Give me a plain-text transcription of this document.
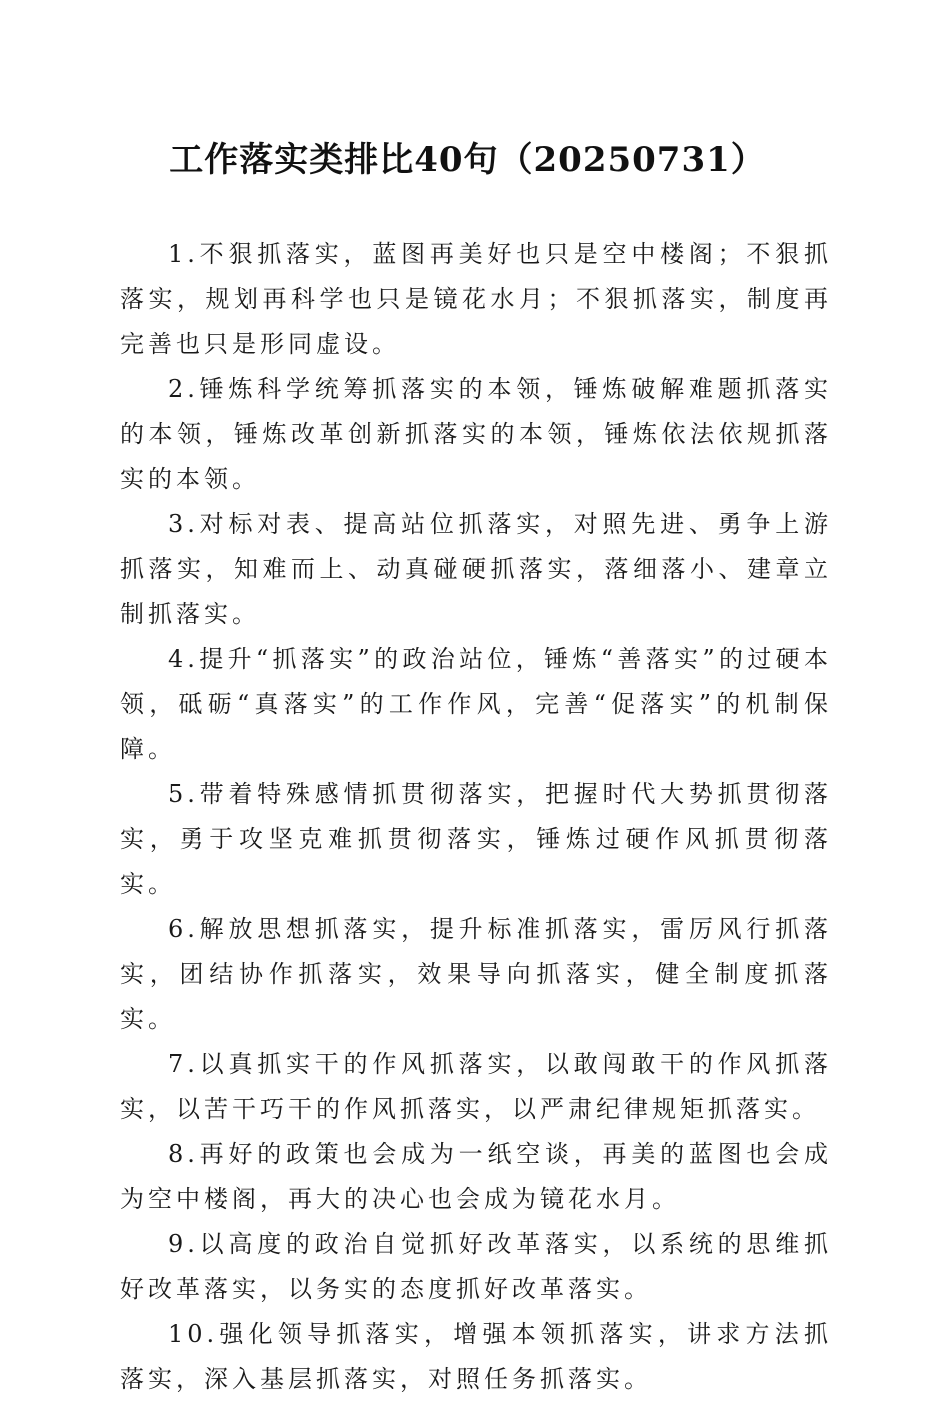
工作落实类排比40句（20250731）

1.不狠抓落实，蓝图再美好也只是空中楼阁；不狠抓落实，规划再科学也只是镜花水月；不狠抓落实，制度再完善也只是形同虚设。

2.锤炼科学统筹抓落实的本领，锤炼破解难题抓落实的本领，锤炼改革创新抓落实的本领，锤炼依法依规抓落实的本领。

3.对标对表、提高站位抓落实，对照先进、勇争上游抓落实，知难而上、动真碰硬抓落实，落细落小、建章立制抓落实。

4.提升“抓落实”的政治站位，锤炼“善落实”的过硬本领，砥砺“真落实”的工作作风，完善“促落实”的机制保障。

5.带着特殊感情抓贯彻落实，把握时代大势抓贯彻落实，勇于攻坚克难抓贯彻落实，锤炼过硬作风抓贯彻落实。

6.解放思想抓落实，提升标准抓落实，雷厉风行抓落实，团结协作抓落实，效果导向抓落实，健全制度抓落实。

7.以真抓实干的作风抓落实，以敢闯敢干的作风抓落实，以苦干巧干的作风抓落实，以严肃纪律规矩抓落实。

8.再好的政策也会成为一纸空谈，再美的蓝图也会成为空中楼阁，再大的决心也会成为镜花水月。

9.以高度的政治自觉抓好改革落实，以系统的思维抓好改革落实，以务实的态度抓好改革落实。

10.强化领导抓落实，增强本领抓落实，讲求方法抓落实，深入基层抓落实，对照任务抓落实。
